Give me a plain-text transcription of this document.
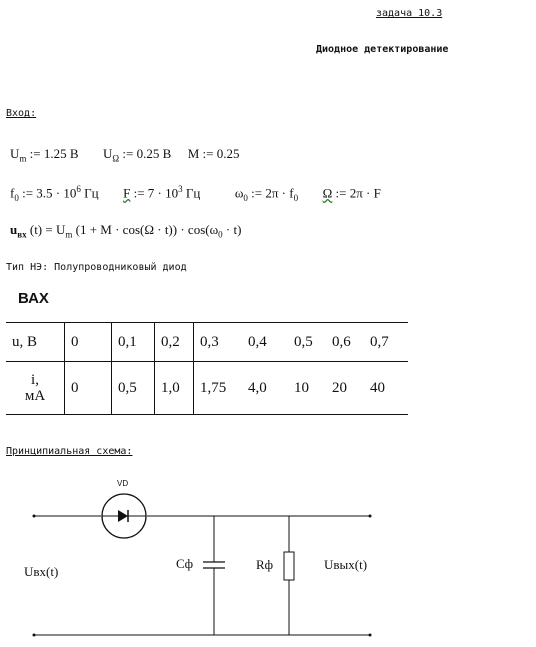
задача 10.3
Диодное детектирование
Вход:
$U_m$ := 1.25 В $U_\Omega$ := 0.25 В M := 0.25
$f_0$ := $3.5 \cdot 10^6$ Гц F := $7 \cdot 10^3$ Гц	$\omega_0$ := $2\pi \cdot f_0$ Ω := 2π · F
$u_{вх}$ $(t) = U_m$ $(1 + M \cdot \cos(\Omega \cdot t)) \cdot \cos(\omega_0 \cdot t)$
Тип НЭ: Полупроводниковый диод
ВАХ
u, В	0	0,1	0,2	0,3	0,4	0,5	0,6	0,7

i,
мА	0	0,5	1,0	1,75	4,0	10	20	40
Принципиальная схема:
VD
Uвх(t)
Cф	Rф	Uвых(t)
